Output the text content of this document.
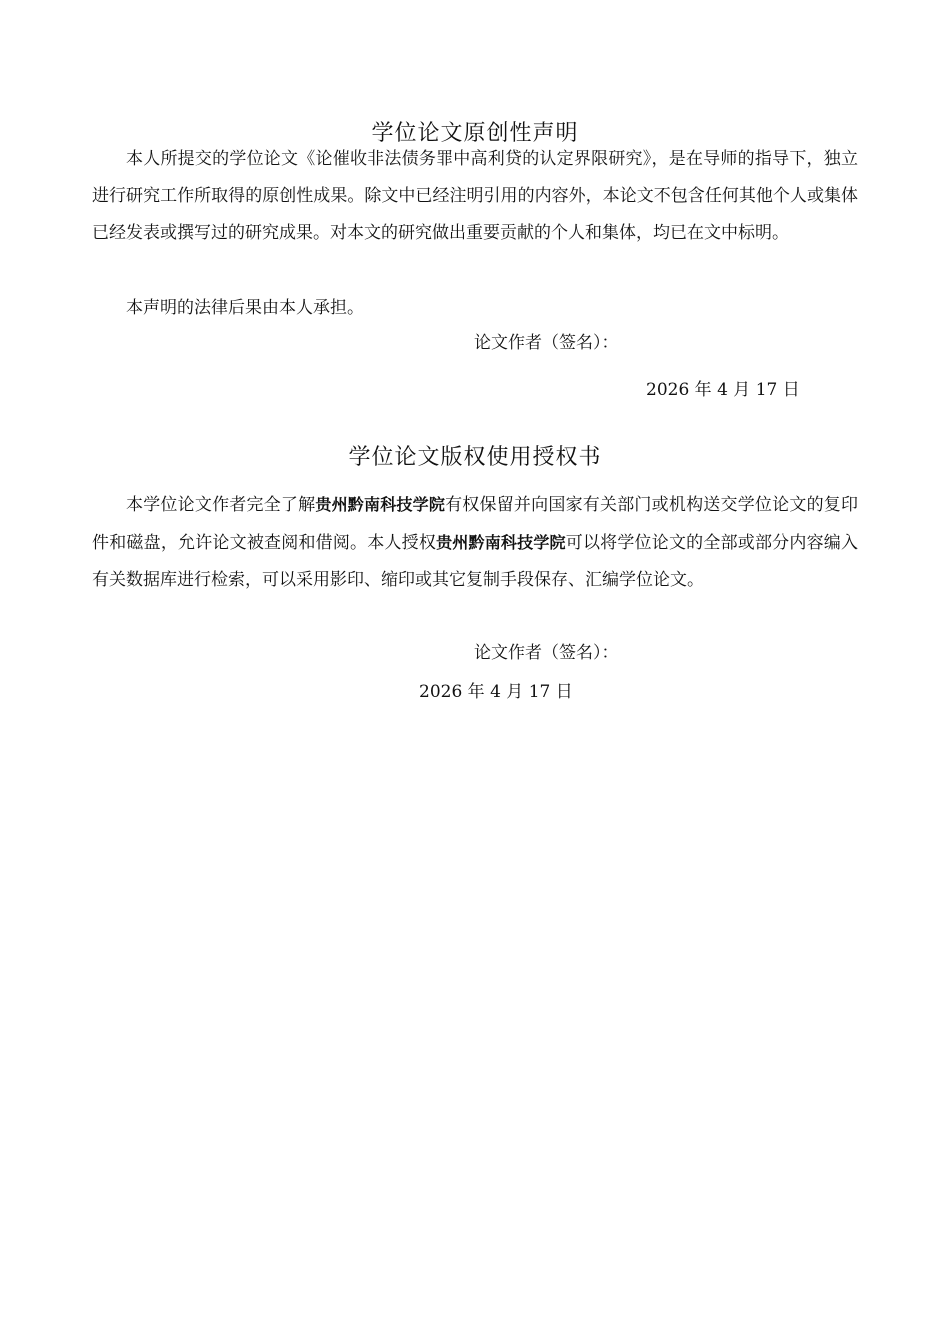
学位论文原创性声明

本人所提交的学位论文《论催收非法债务罪中高利贷的认定界限研究》，是在导师的指导下，独立进行研究工作所取得的原创性成果。除文中已经注明引用的内容外，本论文不包含任何其他个人或集体已经发表或撰写过的研究成果。对本文的研究做出重要贡献的个人和集体，均已在文中标明。

本声明的法律后果由本人承担。

论文作者（签名）：

2026 年 4 月 17 日

学位论文版权使用授权书

本学位论文作者完全了解贵州黔南科技学院有权保留并向国家有关部门或机构送交学位论文的复印件和磁盘，允许论文被查阅和借阅。本人授权贵州黔南科技学院可以将学位论文的全部或部分内容编入有关数据库进行检索，可以采用影印、缩印或其它复制手段保存、汇编学位论文。

论文作者（签名）：

2026 年 4 月 17 日
